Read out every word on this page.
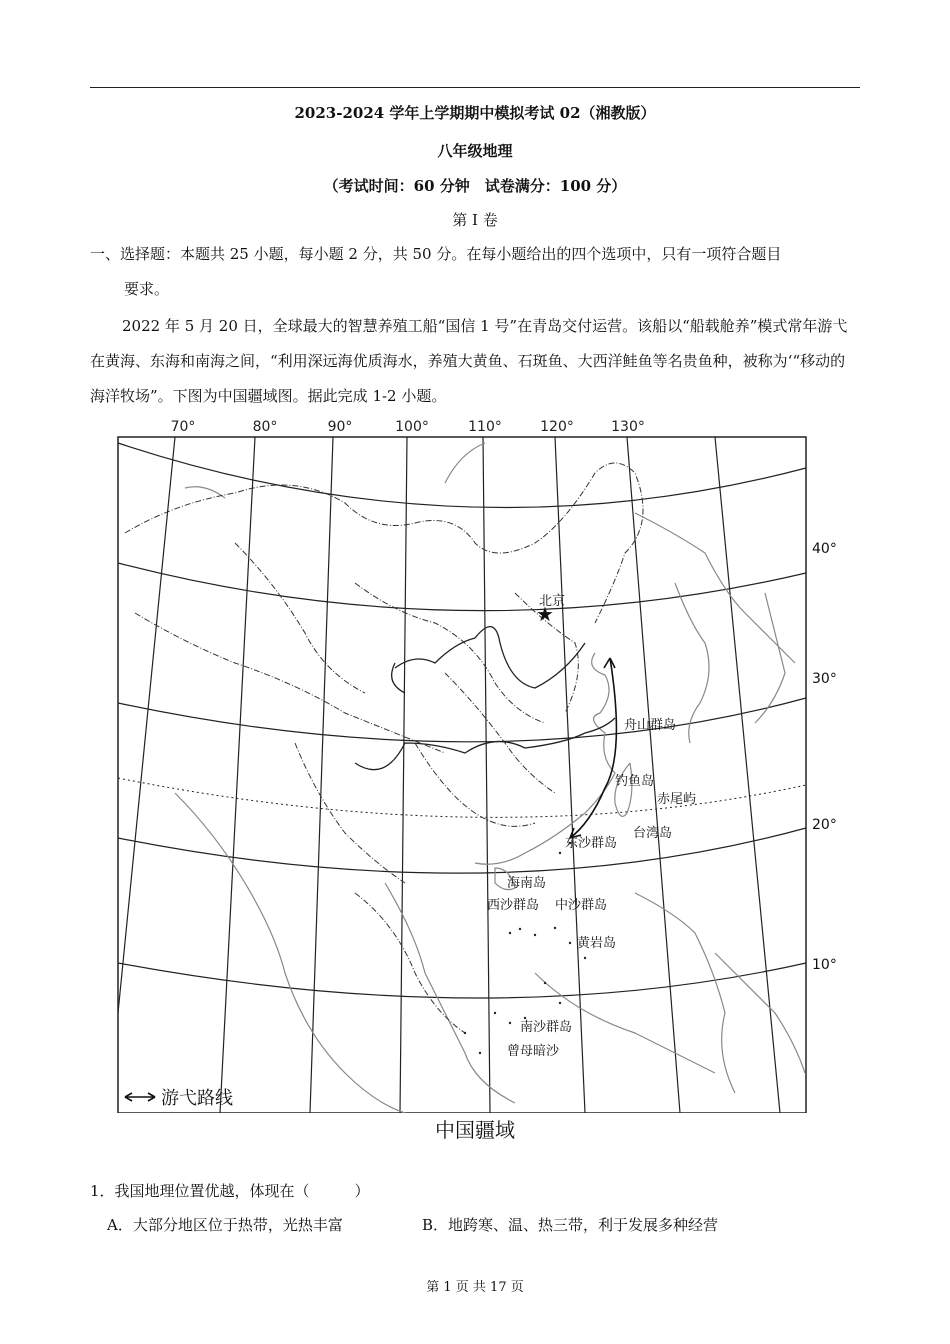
2023-2024 学年上学期期中模拟考试 02（湘教版）
八年级地理
（考试时间：60 分钟　试卷满分：100 分）
第 I 卷
一、选择题：本题共 25 小题，每小题 2 分，共 50 分。在每小题给出的四个选项中，只有一项符合题目
要求。
2022 年 5 月 20 日，全球最大的智慧养殖工船“国信 1 号”在青岛交付运营。该船以“船载舱养”模式常年游弋在黄海、东海和南海之间，“利用深远海优质海水，养殖大黄鱼、石斑鱼、大西洋鲑鱼等名贵鱼种，被称为‘“移动的海洋牧场”。下图为中国疆域图。据此完成 1-2 小题。
70°	80°	90°	100°	110°	120°	130°
★
北京
舟山群岛
钓鱼岛
赤尾屿
台湾岛
东沙群岛
海南岛
西沙群岛 中沙群岛
黄岩岛
南沙群岛
曾母暗沙
游弋路线
40°
30°
20°
10°
中国疆域
1．我国地理位置优越，体现在（　　　）
A．大部分地区位于热带，光热丰富	B．地跨寒、温、热三带，利于发展多种经营
第 1 页 共 17 页
